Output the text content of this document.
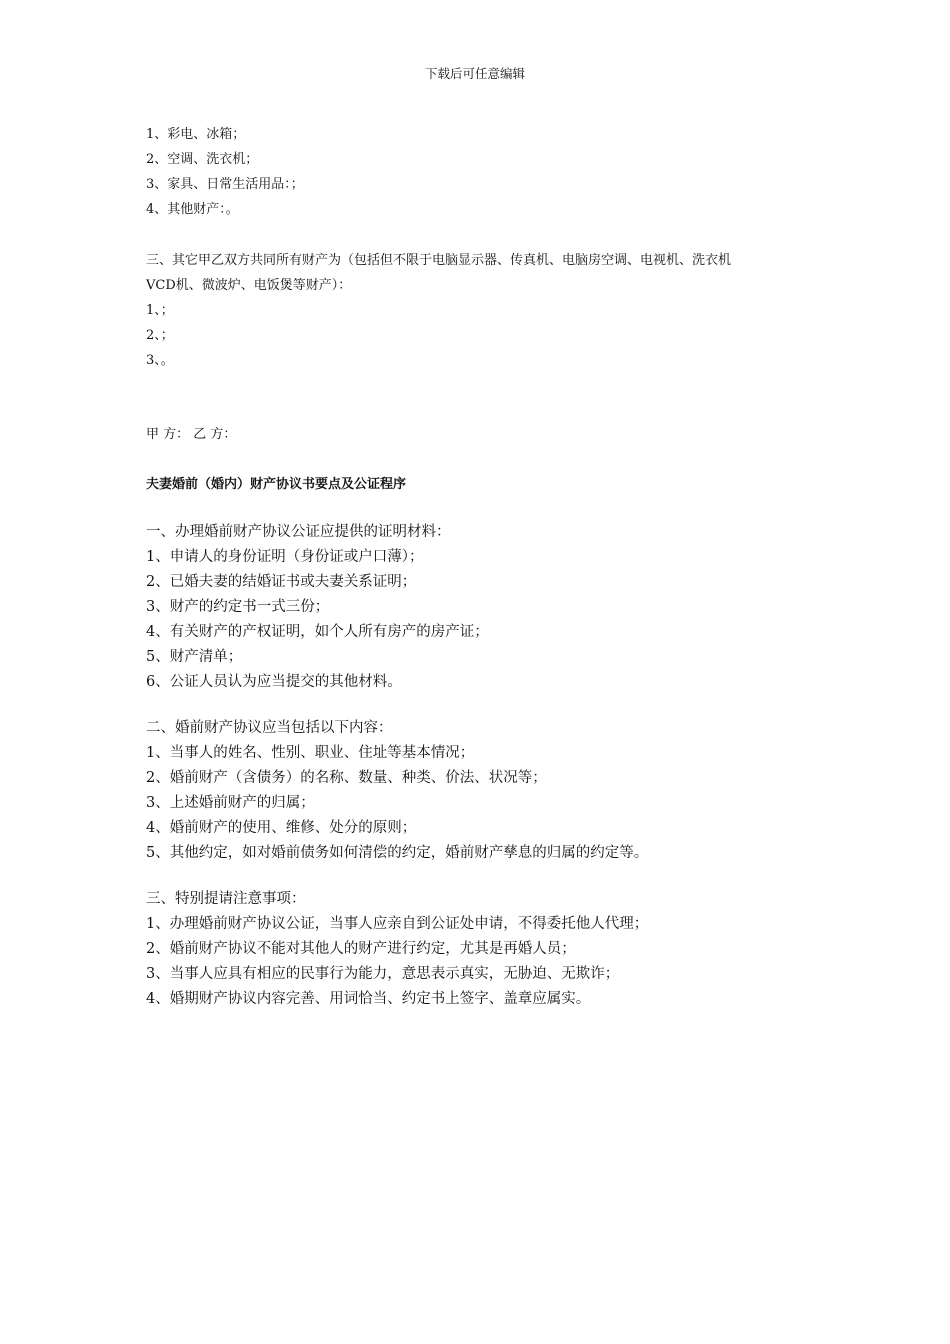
下载后可任意编辑
1、彩电、冰箱；
2、空调、洗衣机；
3、家具、日常生活用品：；
4、其他财产：。
三、其它甲乙双方共同所有财产为（包括但不限于电脑显示器、传真机、电脑房空调、电视机、洗衣机
VCD机、微波炉、电饭煲等财产）：
1、；
2、；
3、。
甲 方： 乙 方：
夫妻婚前（婚内）财产协议书要点及公证程序
一、办理婚前财产协议公证应提供的证明材料：
1、申请人的身份证明（身份证或户口薄）；
2、已婚夫妻的结婚证书或夫妻关系证明；
3、财产的约定书一式三份；
4、有关财产的产权证明，如个人所有房产的房产证；
5、财产清单；
6、公证人员认为应当提交的其他材料。
二、婚前财产协议应当包括以下内容：
1、当事人的姓名、性别、职业、住址等基本情况；
2、婚前财产（含债务）的名称、数量、种类、价法、状况等；
3、上述婚前财产的归属；
4、婚前财产的使用、维修、处分的原则；
5、其他约定，如对婚前债务如何清偿的约定，婚前财产孳息的归属的约定等。
三、特别提请注意事项：
1、办理婚前财产协议公证，当事人应亲自到公证处申请，不得委托他人代理；
2、婚前财产协议不能对其他人的财产进行约定，尤其是再婚人员；
3、当事人应具有相应的民事行为能力，意思表示真实，无胁迫、无欺诈；
4、婚期财产协议内容完善、用词恰当、约定书上签字、盖章应属实。
